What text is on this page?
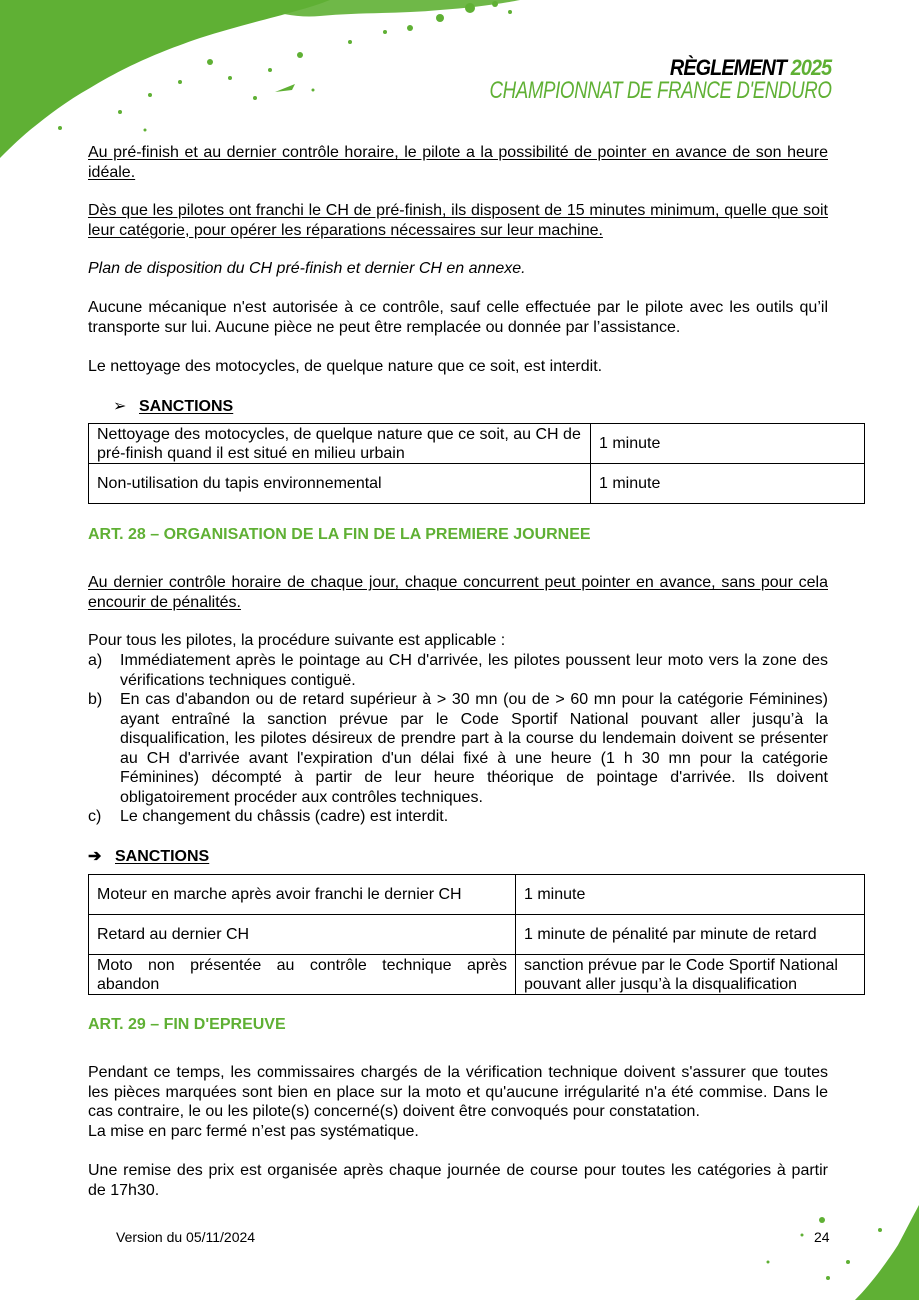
RÈGLEMENT 2025
CHAMPIONNAT DE FRANCE D'ENDURO

Au pré-finish et au dernier contrôle horaire, le pilote a la possibilité de pointer en avance de son heure idéale.

Dès que les pilotes ont franchi le CH de pré-finish, ils disposent de 15 minutes minimum, quelle que soit leur catégorie, pour opérer les réparations nécessaires sur leur machine.

Plan de disposition du CH pré-finish et dernier CH en annexe.

Aucune mécanique n'est autorisée à ce contrôle, sauf celle effectuée par le pilote avec les outils qu’il transporte sur lui. Aucune pièce ne peut être remplacée ou donnée par l’assistance.

Le nettoyage des motocycles, de quelque nature que ce soit, est interdit.

➢ SANCTIONS
Nettoyage des motocycles, de quelque nature que ce soit, au CH de pré-finish quand il est situé en milieu urbain	1 minute
Non-utilisation du tapis environnemental	1 minute
ART. 28 – ORGANISATION DE LA FIN DE LA PREMIERE JOURNEE

Au dernier contrôle horaire de chaque jour, chaque concurrent peut pointer en avance, sans pour cela encourir de pénalités.

Pour tous les pilotes, la procédure suivante est applicable :

a) Immédiatement après le pointage au CH d'arrivée, les pilotes poussent leur moto vers la zone des vérifications techniques contiguë.
b) En cas d'abandon ou de retard supérieur à > 30 mn (ou de > 60 mn pour la catégorie Féminines) ayant entraîné la sanction prévue par le Code Sportif National pouvant aller jusqu’à la disqualification, les pilotes désireux de prendre part à la course du lendemain doivent se présenter au CH d'arrivée avant l'expiration d'un délai fixé à une heure (1 h 30 mn pour la catégorie Féminines) décompté à partir de leur heure théorique de pointage d'arrivée. Ils doivent obligatoirement procéder aux contrôles techniques.
c) Le changement du châssis (cadre) est interdit.
➔ SANCTIONS
Moteur en marche après avoir franchi le dernier CH	1 minute
Retard au dernier CH	1 minute de pénalité par minute de retard
Moto non présentée au contrôle technique après abandon	sanction prévue par le Code Sportif National pouvant aller jusqu’à la disqualification
ART. 29 – FIN D'EPREUVE

Pendant ce temps, les commissaires chargés de la vérification technique doivent s'assurer que toutes les pièces marquées sont bien en place sur la moto et qu'aucune irrégularité n'a été commise. Dans le cas contraire, le ou les pilote(s) concerné(s) doivent être convoqués pour constatation.

La mise en parc fermé n’est pas systématique.

Une remise des prix est organisée après chaque journée de course pour toutes les catégories à partir de 17h30.

Version du 05/11/2024	24
